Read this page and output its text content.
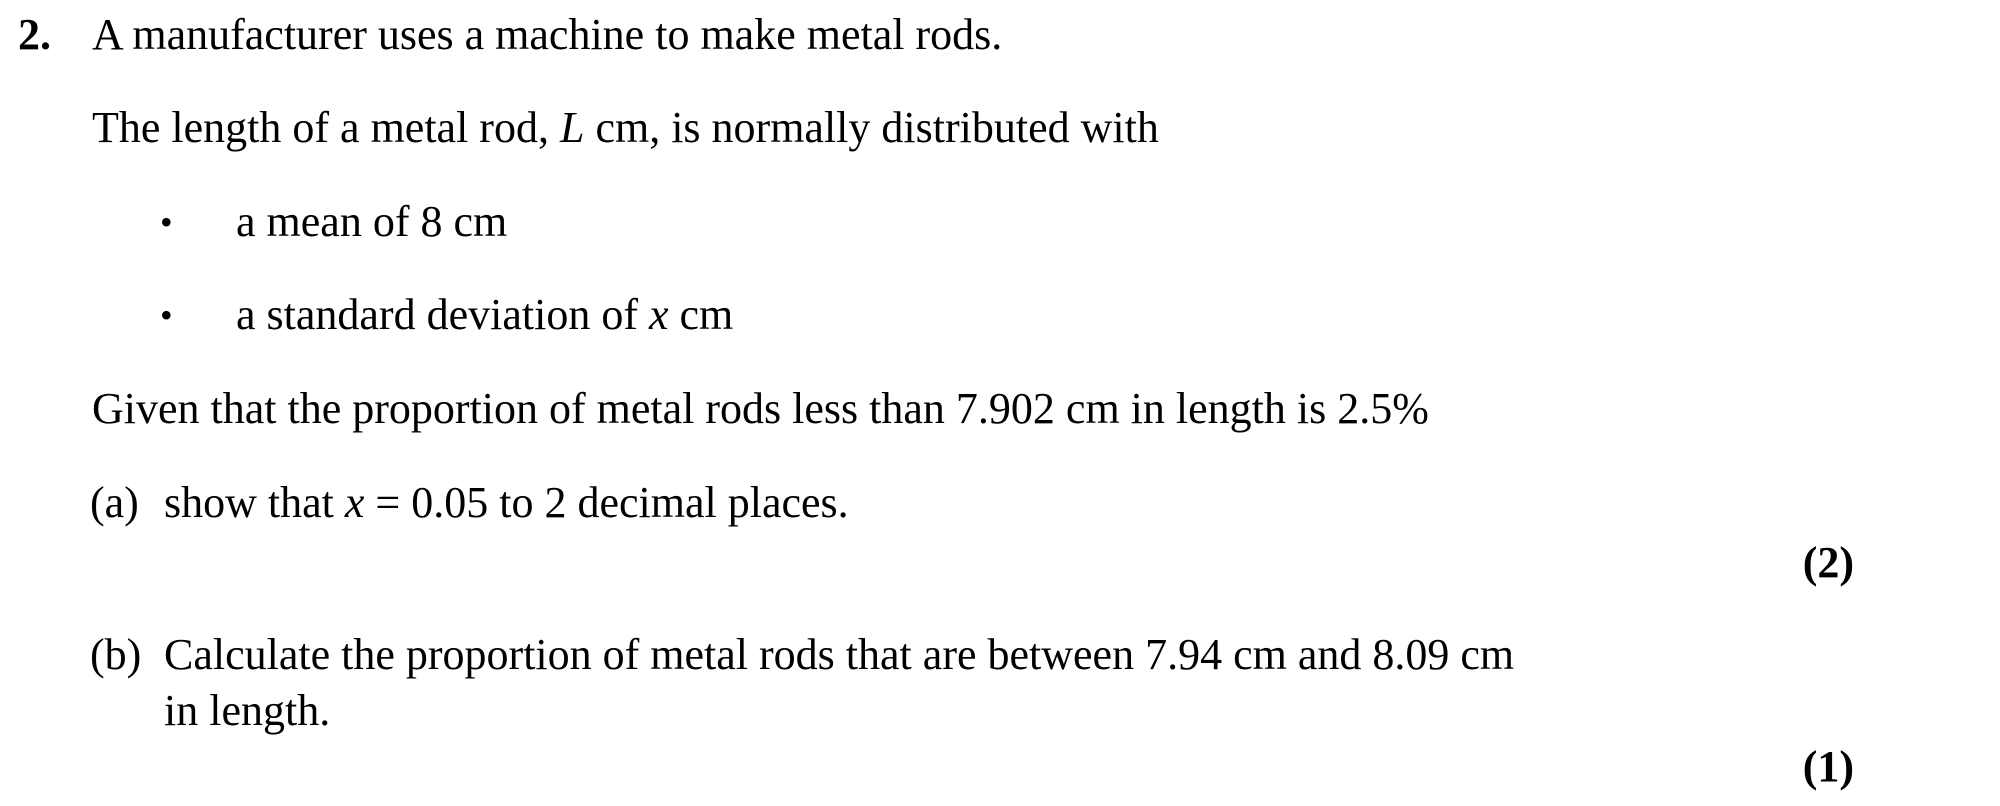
2. A manufacturer uses a machine to make metal rods.
The length of a metal rod, L cm, is normally distributed with
• a mean of 8 cm
• a standard deviation of x cm
Given that the proportion of metal rods less than 7.902 cm in length is 2.5%
(a) show that x = 0.05 to 2 decimal places.
(2)
(b) Calculate the proportion of metal rods that are between 7.94 cm and 8.09 cm
in length.
(1)
